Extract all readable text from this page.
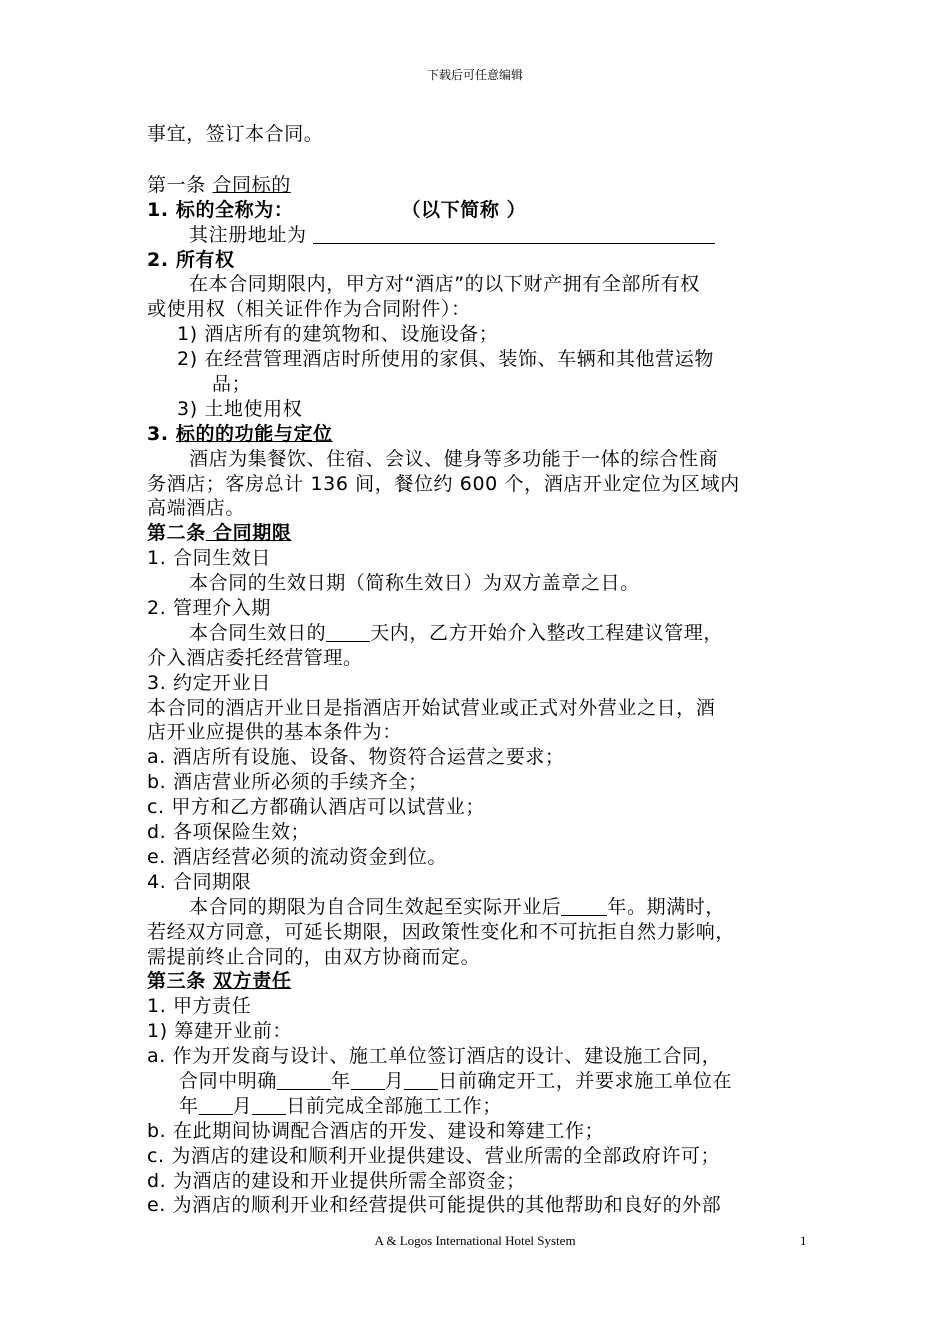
下载后可任意编辑
事宜，签订本合同。
第一条 合同标的
1. 标的全称为：	（以下简称 ）
其注册地址为
2. 所有权
在本合同期限内，甲方对“酒店”的以下财产拥有全部所有权
或使用权（相关证件作为合同附件）：
1) 酒店所有的建筑物和、设施设备；
2) 在经营管理酒店时所使用的家俱、装饰、车辆和其他营运物
品；
3) 土地使用权
3. 标的的功能与定位
酒店为集餐饮、住宿、会议、健身等多功能于一体的综合性商
务酒店；客房总计 136 间，餐位约 600 个，酒店开业定位为区域内
高端酒店。
第二条 合同期限
1. 合同生效日
本合同的生效日期（简称生效日）为双方盖章之日。
2. 管理介入期
本合同生效日的 天内，乙方开始介入整改工程建议管理，
介入酒店委托经营管理。
3. 约定开业日
本合同的酒店开业日是指酒店开始试营业或正式对外营业之日，酒
店开业应提供的基本条件为：
a. 酒店所有设施、设备、物资符合运营之要求；
b. 酒店营业所必须的手续齐全；
c. 甲方和乙方都确认酒店可以试营业；
d. 各项保险生效；
e. 酒店经营必须的流动资金到位。
4. 合同期限
本合同的期限为自合同生效起至实际开业后 年。期满时，
若经双方同意，可延长期限，因政策性变化和不可抗拒自然力影响，
需提前终止合同的，由双方协商而定。
第三条 双方责任
1. 甲方责任
1) 筹建开业前：
a. 作为开发商与设计、施工单位签订酒店的设计、建设施工合同，
合同中明确	年 月 日前确定开工，并要求施工单位在
年 月 日前完成全部施工工作；
b. 在此期间协调配合酒店的开发、建设和筹建工作；
c. 为酒店的建设和顺利开业提供建设、营业所需的全部政府许可；
d. 为酒店的建设和开业提供所需全部资金；
e. 为酒店的顺利开业和经营提供可能提供的其他帮助和良好的外部
A & Logos International Hotel System	1
